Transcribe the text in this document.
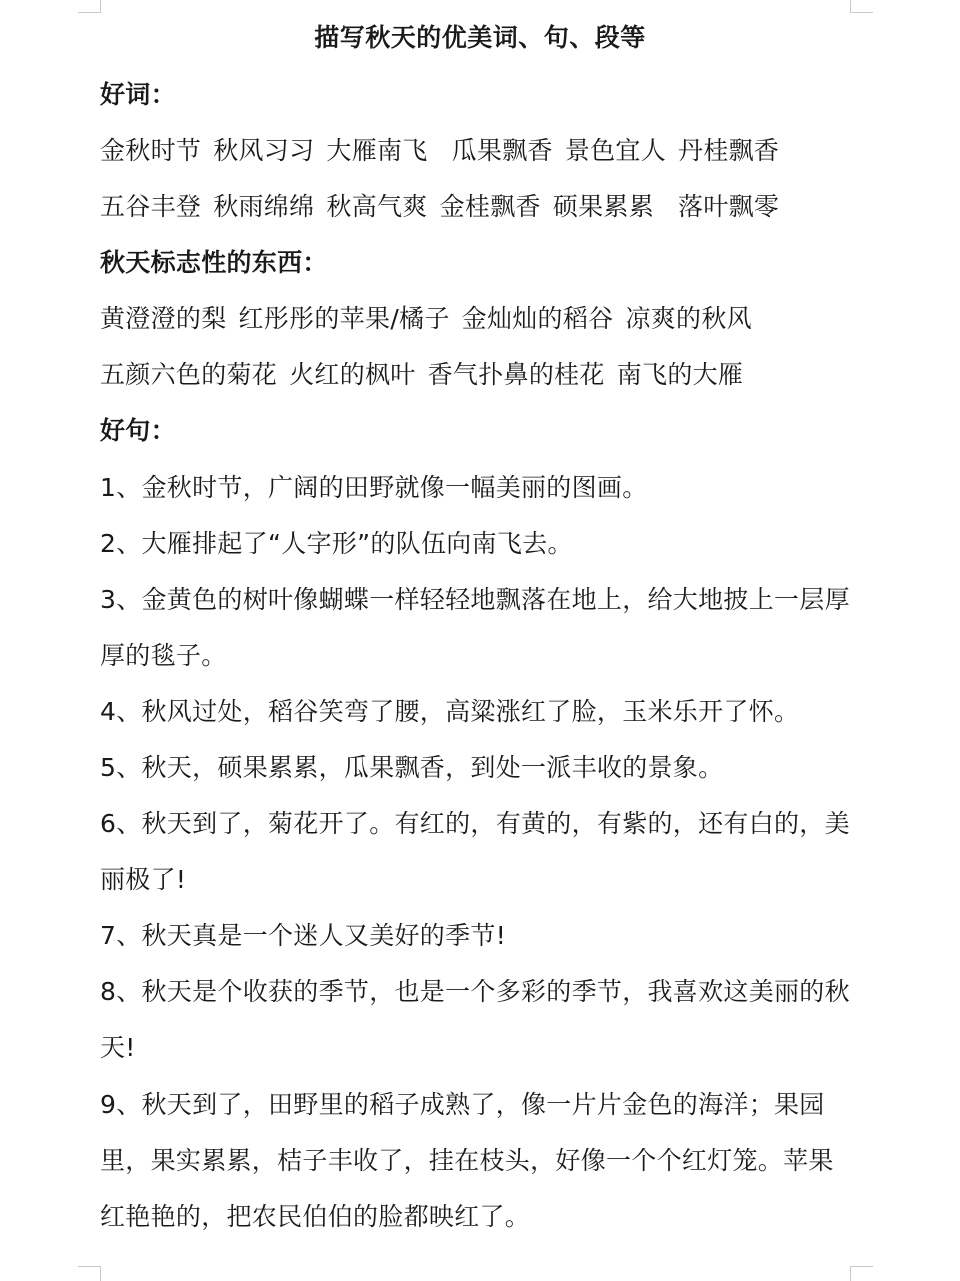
描写秋天的优美词、句、段等
好词：
金秋时节 秋风习习 大雁南飞 瓜果飘香 景色宜人 丹桂飘香
五谷丰登 秋雨绵绵 秋高气爽 金桂飘香 硕果累累 落叶飘零
秋天标志性的东西：
黄澄澄的梨 红彤彤的苹果/橘子 金灿灿的稻谷 凉爽的秋风
五颜六色的菊花 火红的枫叶 香气扑鼻的桂花 南飞的大雁
好句：
1、金秋时节，广阔的田野就像一幅美丽的图画。
2、大雁排起了“人字形”的队伍向南飞去。
3、金黄色的树叶像蝴蝶一样轻轻地飘落在地上，给大地披上一层厚
厚的毯子。
4、秋风过处，稻谷笑弯了腰，高粱涨红了脸，玉米乐开了怀。
5、秋天，硕果累累，瓜果飘香，到处一派丰收的景象。
6、秋天到了，菊花开了。有红的，有黄的，有紫的，还有白的，美
丽极了!
7、秋天真是一个迷人又美好的季节!
8、秋天是个收获的季节，也是一个多彩的季节，我喜欢这美丽的秋
天!
9、秋天到了，田野里的稻子成熟了，像一片片金色的海洋；果园
里，果实累累，桔子丰收了，挂在枝头，好像一个个红灯笼。苹果
红艳艳的，把农民伯伯的脸都映红了。
